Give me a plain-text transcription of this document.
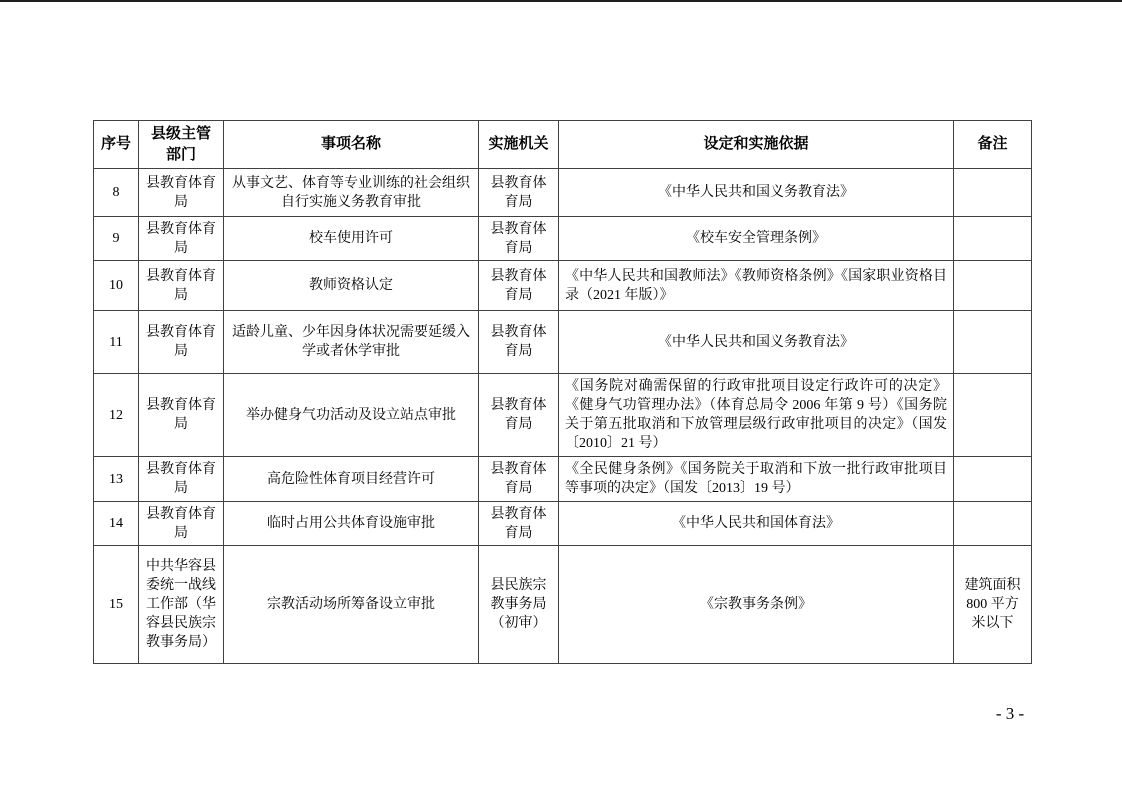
序号	县级主管部门	事项名称	实施机关	设定和实施依据	备注
8	县教育体育局	从事文艺、体育等专业训练的社会组织自行实施义务教育审批	县教育体育局	《中华人民共和国义务教育法》	
9	县教育体育局	校车使用许可	县教育体育局	《校车安全管理条例》	
10	县教育体育局	教师资格认定	县教育体育局	《中华人民共和国教师法》《教师资格条例》《国家职业资格目录（2021 年版）》	
11	县教育体育局	适龄儿童、少年因身体状况需要延缓入学或者休学审批	县教育体育局	《中华人民共和国义务教育法》	
12	县教育体育局	举办健身气功活动及设立站点审批	县教育体育局	《国务院对确需保留的行政审批项目设定行政许可的决定》《健身气功管理办法》（体育总局令 2006 年第 9 号）《国务院关于第五批取消和下放管理层级行政审批项目的决定》（国发〔2010〕21 号）	
13	县教育体育局	高危险性体育项目经营许可	县教育体育局	《全民健身条例》《国务院关于取消和下放一批行政审批项目等事项的决定》（国发〔2013〕19 号）	
14	县教育体育局	临时占用公共体育设施审批	县教育体育局	《中华人民共和国体育法》	
15	中共华容县委统一战线工作部（华容县民族宗教事务局）	宗教活动场所筹备设立审批	县民族宗教事务局（初审）	《宗教事务条例》	建筑面积 800 平方米以下
- 3 -
